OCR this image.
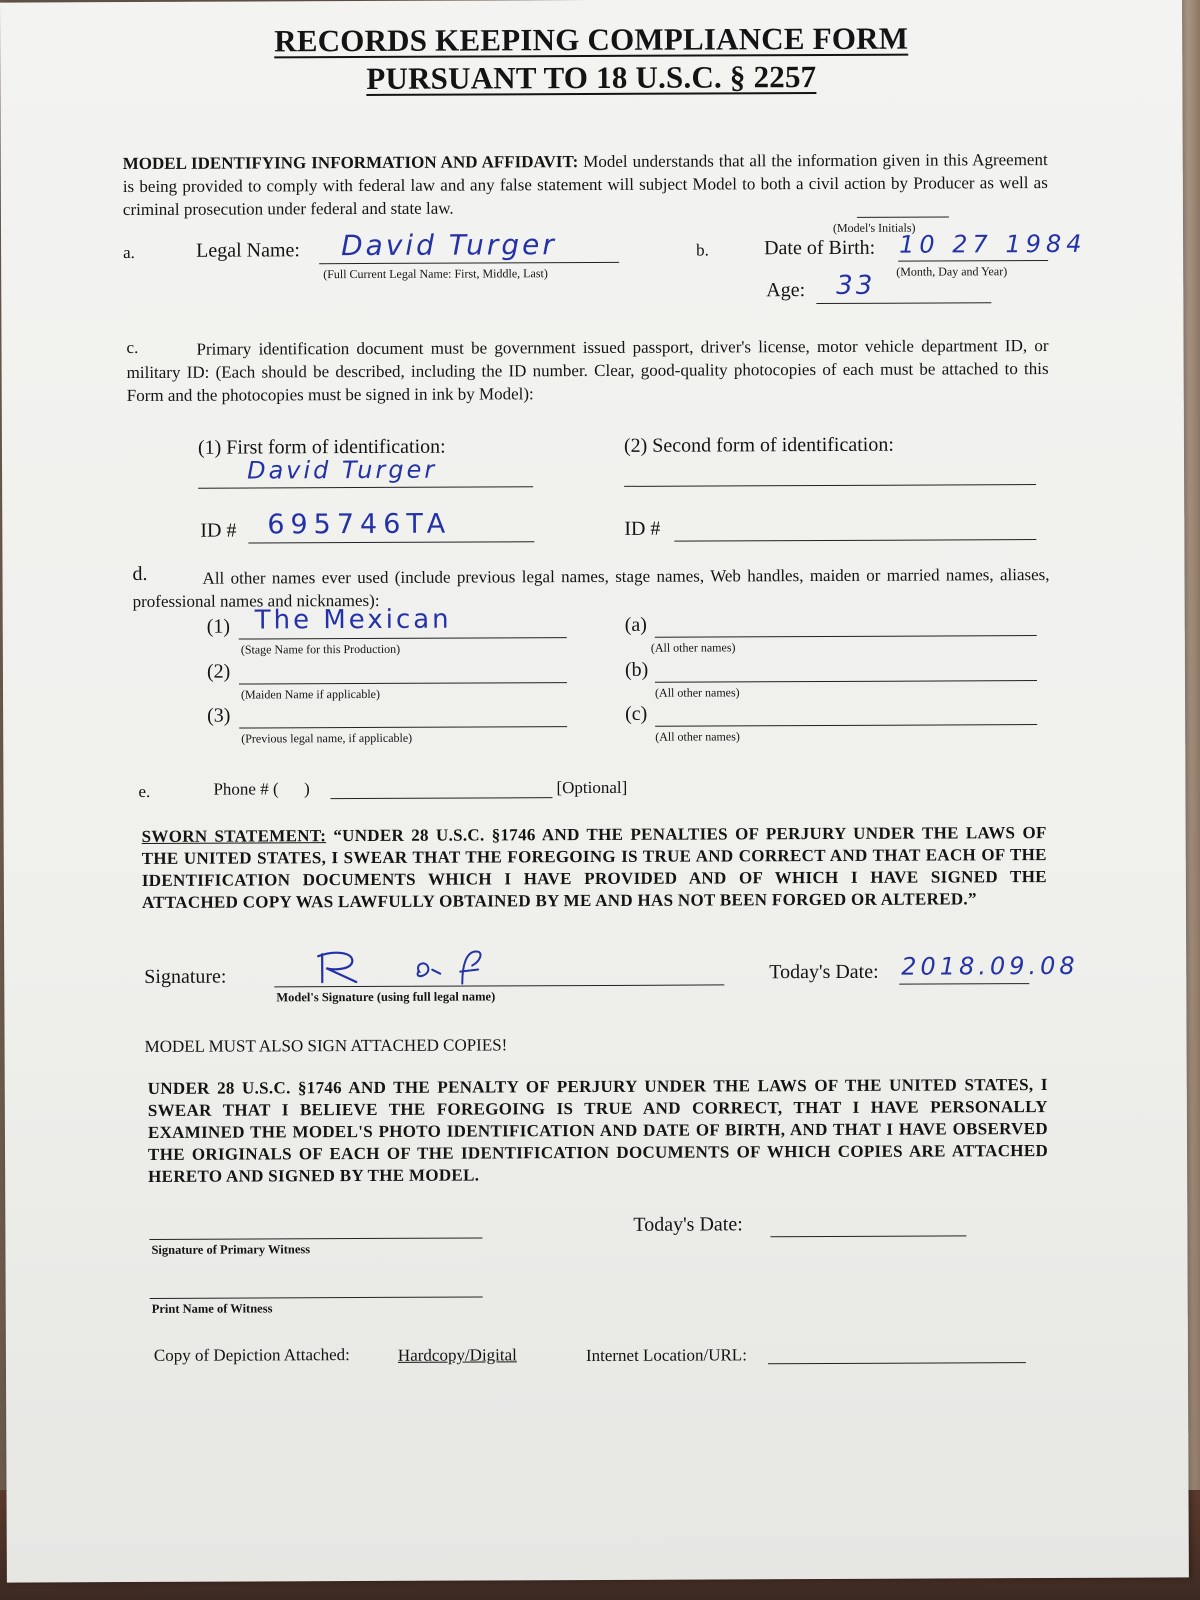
RECORDS KEEPING COMPLIANCE FORM
PURSUANT TO 18 U.S.C. § 2257
MODEL IDENTIFYING INFORMATION AND AFFIDAVIT: Model understands that all the information given in this Agreement is being provided to comply with federal law and any false statement will subject Model to both a civil action by Producer as well as criminal prosecution under federal and state law.
(Model's Initials)
a.	Legal Name: David Turger
(Full Current Legal Name: First, Middle, Last)
b.	Date of Birth: 10 27 1984
(Month, Day and Year)
Age: 33
Primary identification document must be government issued passport, driver's license, motor vehicle department ID, or military ID: (Each should be described, including the ID number. Clear, good-quality photocopies of each must be attached to this Form and the photocopies must be signed in ink by Model):
c.
(1) First form of identification:
David Turger
(2) Second form of identification:
ID # 695746TA	ID #
All other names ever used (include previous legal names, stage names, Web handles, maiden or married names, aliases, professional names and nicknames):
d.
(1) The Mexican
(Stage Name for this Production)
(2)
(Maiden Name if applicable)
(3)
(Previous legal name, if applicable)
(a)
(All other names)
(b)
(All other names)
(c)
(All other names)
e.	Phone # (      )	[Optional]
SWORN STATEMENT: “UNDER 28 U.S.C. §1746 AND THE PENALTIES OF PERJURY UNDER THE LAWS OF THE UNITED STATES, I SWEAR THAT THE FOREGOING IS TRUE AND CORRECT AND THAT EACH OF THE IDENTIFICATION DOCUMENTS WHICH I HAVE PROVIDED AND OF WHICH I HAVE SIGNED THE ATTACHED COPY WAS LAWFULLY OBTAINED BY ME AND HAS NOT BEEN FORGED OR ALTERED.”
Signature:
Model's Signature (using full legal name)
Today's Date: 2018.09.08
MODEL MUST ALSO SIGN ATTACHED COPIES!
UNDER 28 U.S.C. §1746 AND THE PENALTY OF PERJURY UNDER THE LAWS OF THE UNITED STATES, I SWEAR THAT I BELIEVE THE FOREGOING IS TRUE AND CORRECT, THAT I HAVE PERSONALLY EXAMINED THE MODEL'S PHOTO IDENTIFICATION AND DATE OF BIRTH, AND THAT I HAVE OBSERVED THE ORIGINALS OF EACH OF THE IDENTIFICATION DOCUMENTS OF WHICH COPIES ARE ATTACHED HERETO AND SIGNED BY THE MODEL.
Signature of Primary Witness
Today's Date:
Print Name of Witness
Copy of Depiction Attached:	Hardcopy/Digital	Internet Location/URL:
